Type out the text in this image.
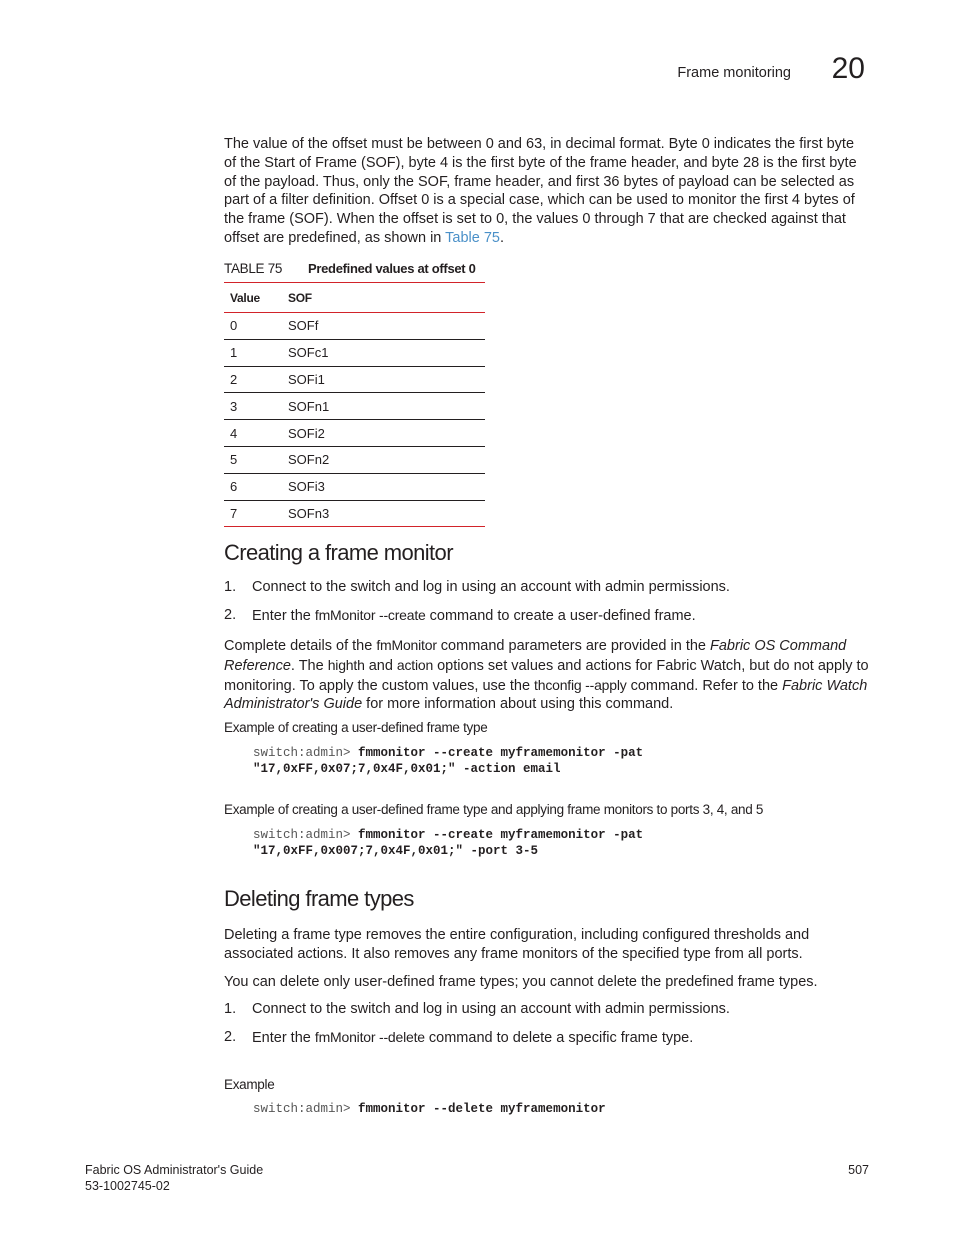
Frame monitoring 20

The value of the offset must be between 0 and 63, in decimal format. Byte 0 indicates the first byte of the Start of Frame (SOF), byte 4 is the first byte of the frame header, and byte 28 is the first byte of the payload. Thus, only the SOF, frame header, and first 36 bytes of payload can be selected as part of a filter definition. Offset 0 is a special case, which can be used to monitor the first 4 bytes of the frame (SOF). When the offset is set to 0, the values 0 through 7 that are checked against that offset are predefined, as shown in Table 75.

TABLE 75 Predefined values at offset 0
Value	SOF
0	SOFf
1	SOFc1
2	SOFi1
3	SOFn1
4	SOFi2
5	SOFn2
6	SOFi3
7	SOFn3
Creating a frame monitor
1. Connect to the switch and log in using an account with admin permissions.
2. Enter the fmMonitor --create command to create a user-defined frame.

Complete details of the fmMonitor command parameters are provided in the Fabric OS Command Reference. The highth and action options set values and actions for Fabric Watch, but do not apply to monitoring. To apply the custom values, use the thconfig --apply command. Refer to the Fabric Watch Administrator's Guide for more information about using this command.

Example of creating a user-defined frame type
switch:admin> fmmonitor --create myframemonitor -pat
"17,0xFF,0x07;7,0x4F,0x01;" -action email
Example of creating a user-defined frame type and applying frame monitors to ports 3, 4, and 5
switch:admin> fmmonitor --create myframemonitor -pat
"17,0xFF,0x007;7,0x4F,0x01;" -port 3-5
Deleting frame types

Deleting a frame type removes the entire configuration, including configured thresholds and associated actions. It also removes any frame monitors of the specified type from all ports.

You can delete only user-defined frame types; you cannot delete the predefined frame types.

1. Connect to the switch and log in using an account with admin permissions.
2. Enter the fmMonitor --delete command to delete a specific frame type.
Example
switch:admin> fmmonitor --delete myframemonitor
Fabric OS Administrator's Guide
53-1002745-02
507
